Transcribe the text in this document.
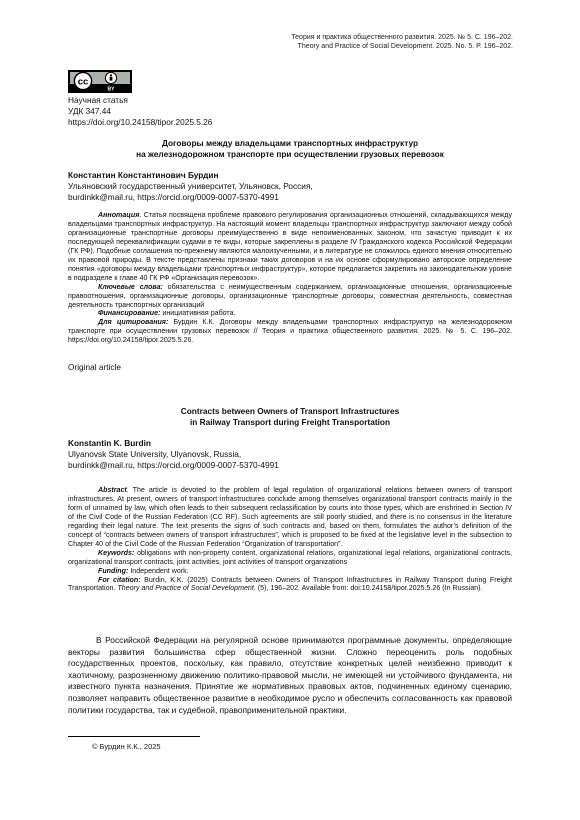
Теория и практика общественного развития. 2025. № 5. С. 196–202.
Theory and Practice of Social Development. 2025. No. 5. P. 196–202.
cc
BY
Научная статья
УДК 347.44
https://doi.org/10.24158/tipor.2025.5.26
Договоры между владельцами транспортных инфраструктур
на железнодорожном транспорте при осуществлении грузовых перевозок
Константин Константинович Бурдин
Ульяновский государственный университет, Ульяновск, Россия,
burdinkk@mail.ru, https://orcid.org/0009-0007-5370-4991

Аннотация. Статья посвящена проблеме правового регулирования организационных отношений, складывающихся между владельцами транспортных инфраструктур. На настоящий момент владельцы транспортных инфраструктур заключают между собой организационные транспортные договоры преимущественно в виде непоименованных законом, что зачастую приводит к их последующей переквалификации судами в те виды, которые закреплены в разделе IV Гражданского кодекса Российской Федерации (ГК РФ). Подобные соглашения по-прежнему являются малоизученными, и в литературе не сложилось единого мнения относительно их правовой природы. В тексте представлены признаки таких договоров и на их основе сформулировано авторское определение понятия «договоры между владельцами транспортных инфраструктур», которое предлагается закрепить на законодательном уровне в подразделе к главе 40 ГК РФ «Организация перевозок».

Ключевые слова: обязательства с неимущественным содержанием, организационные отношения, организационные правоотношения, организационные договоры, организационные транспортные договоры, совместная деятельность, совместная деятельность транспортных организаций

Финансирование: инициативная работа.

Для цитирования: Бурдин К.К. Договоры между владельцами транспортных инфраструктур на железнодорожном транспорте при осуществлении грузовых перевозок // Теория и практика общественного развития. 2025. № 5. С. 196–202. https://doi.org/10.24158/tipor.2025.5.26.

Original article
Contracts between Owners of Transport Infrastructures
in Railway Transport during Freight Transportation
Konstantin K. Burdin
Ulyanovsk State University, Ulyanovsk, Russia,
burdinkk@mail.ru, https://orcid.org/0009-0007-5370-4991

Abstract. The article is devoted to the problem of legal regulation of organizational relations between owners of transport infrastructures. At present, owners of transport infrastructures conclude among themselves organizational transport contracts mainly in the form of unnamed by law, which often leads to their subsequent reclassification by courts into those types, which are enshrined in Section IV of the Civil Code of the Russian Federation (CC RF). Such agreements are still poorly studied, and there is no consensus in the literature regarding their legal nature. The text presents the signs of such contracts and, based on them, formulates the author’s definition of the concept of “contracts between owners of transport infrastructures”, which is proposed to be fixed at the legislative level in the subsection to Chapter 40 of the Civil Code of the Russian Federation “Organization of transportation”.

Keywords: obligations with non-property content, organizational relations, organizational legal relations, organizational contracts, organizational transport contracts, joint activities, joint activities of transport organizations

Funding: Independent work.

For citation: Burdin, K.K. (2025) Contracts between Owners of Transport Infrastructures in Railway Transport during Freight Transportation. Theory and Practice of Social Development. (5), 196–202. Available from: doi:10.24158/tipor.2025.5.26 (In Russian).

В Российской Федерации на регулярной основе принимаются программные документы, определяющие векторы развития большинства сфер общественной жизни. Сложно переоценить роль подобных государственных проектов, поскольку, как правило, отсутствие конкретных целей неизбежно приводит к хаотичному, разрозненному движению политико-правовой мысли, не имеющей ни устойчивого фундамента, ни известного пункта назначения. Принятие же нормативных правовых актов, подчиненных единому сценарию, позволяет направить общественное развитие в необходимое русло и обеспечить согласованность как правовой политики государства, так и судебной, правоприменительной практики.

© Бурдин К.К., 2025
